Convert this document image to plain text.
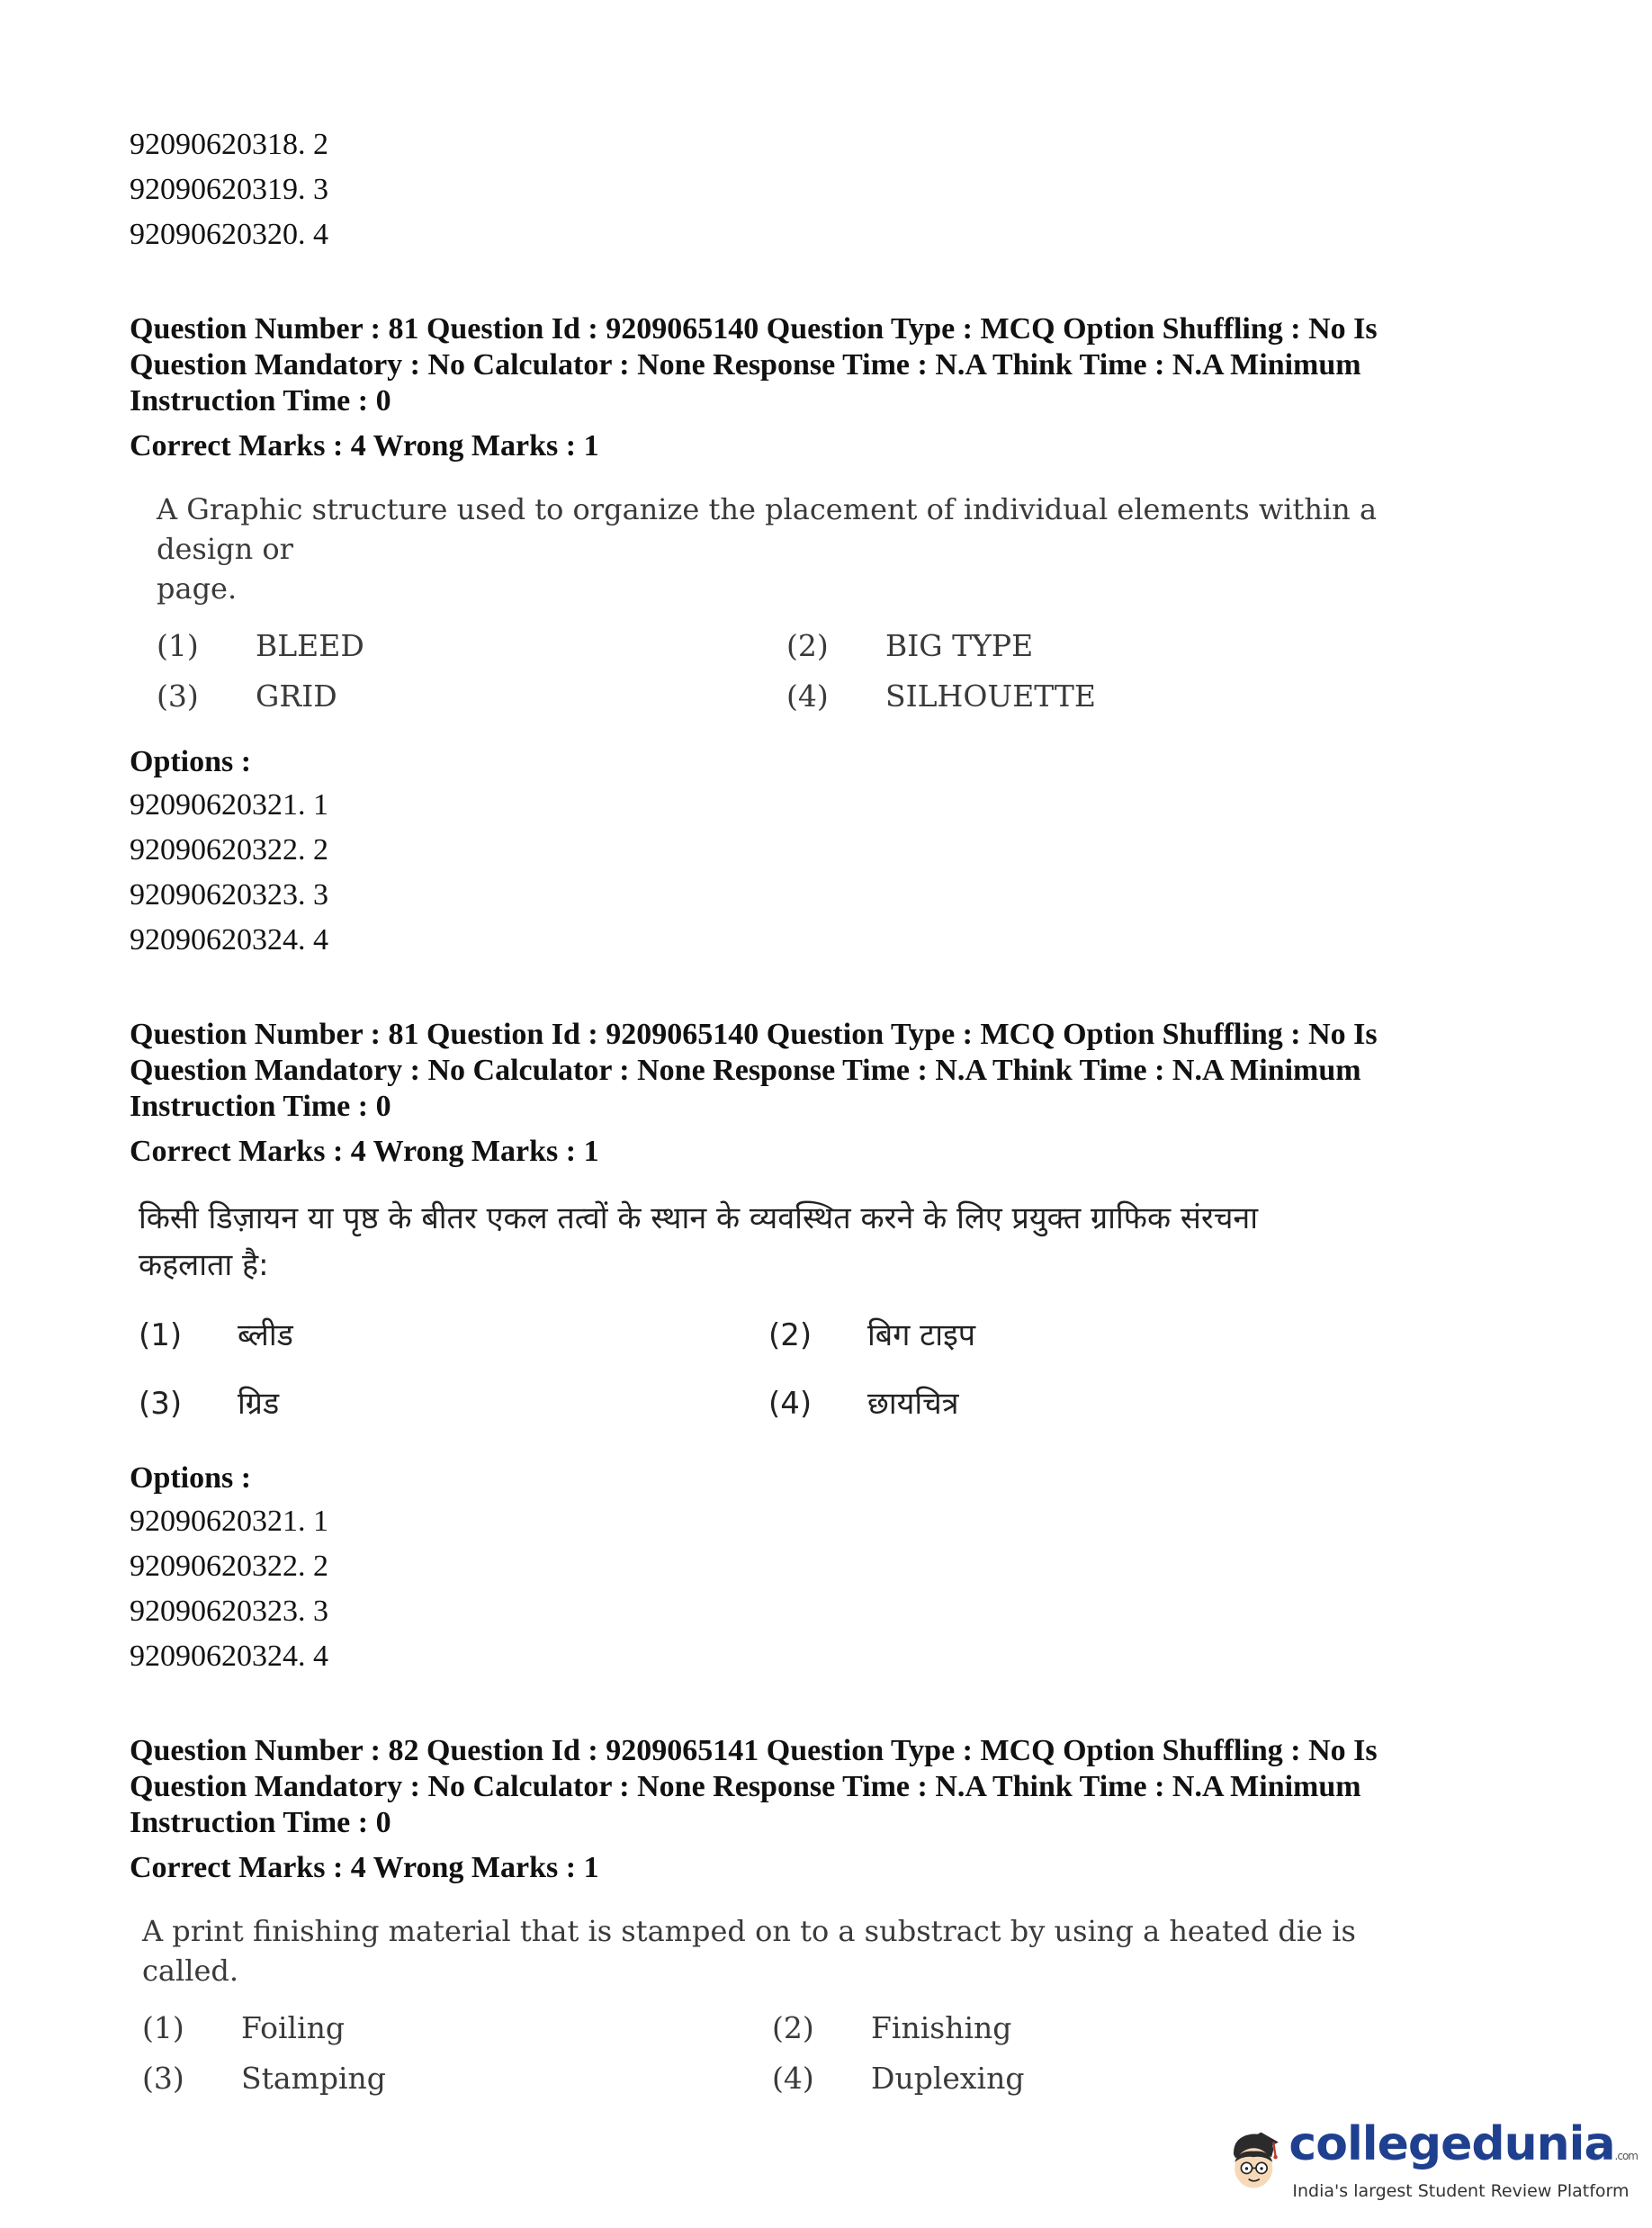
92090620318. 2
92090620319. 3
92090620320. 4
Question Number : 81 Question Id : 9209065140 Question Type : MCQ Option Shuffling : No Is
Question Mandatory : No Calculator : None Response Time : N.A Think Time : N.A Minimum
Instruction Time : 0
Correct Marks : 4 Wrong Marks : 1
A Graphic structure used to organize the placement of individual elements within a design or
page.
(1)	BLEED	(2)	BIG TYPE
(3)	GRID	(4)	SILHOUETTE
Options :
92090620321. 1
92090620322. 2
92090620323. 3
92090620324. 4
Question Number : 81 Question Id : 9209065140 Question Type : MCQ Option Shuffling : No Is
Question Mandatory : No Calculator : None Response Time : N.A Think Time : N.A Minimum
Instruction Time : 0
Correct Marks : 4 Wrong Marks : 1
किसी डिज़ायन या पृष्ठ के बीतर एकल तत्वों के स्थान के व्यवस्थित करने के लिए प्रयुक्त ग्राफिक संरचना
कहलाता है:
(1)	ब्लीड	(2)	बिग टाइप
(3)	ग्रिड	(4)	छायचित्र
Options :
92090620321. 1
92090620322. 2
92090620323. 3
92090620324. 4
Question Number : 82 Question Id : 9209065141 Question Type : MCQ Option Shuffling : No Is
Question Mandatory : No Calculator : None Response Time : N.A Think Time : N.A Minimum
Instruction Time : 0
Correct Marks : 4 Wrong Marks : 1
A print finishing material that is stamped on to a substract by using a heated die is called.
(1)	Foiling	(2)	Finishing
(3)	Stamping	(4)	Duplexing
collegedunia.com
India's largest Student Review Platform
